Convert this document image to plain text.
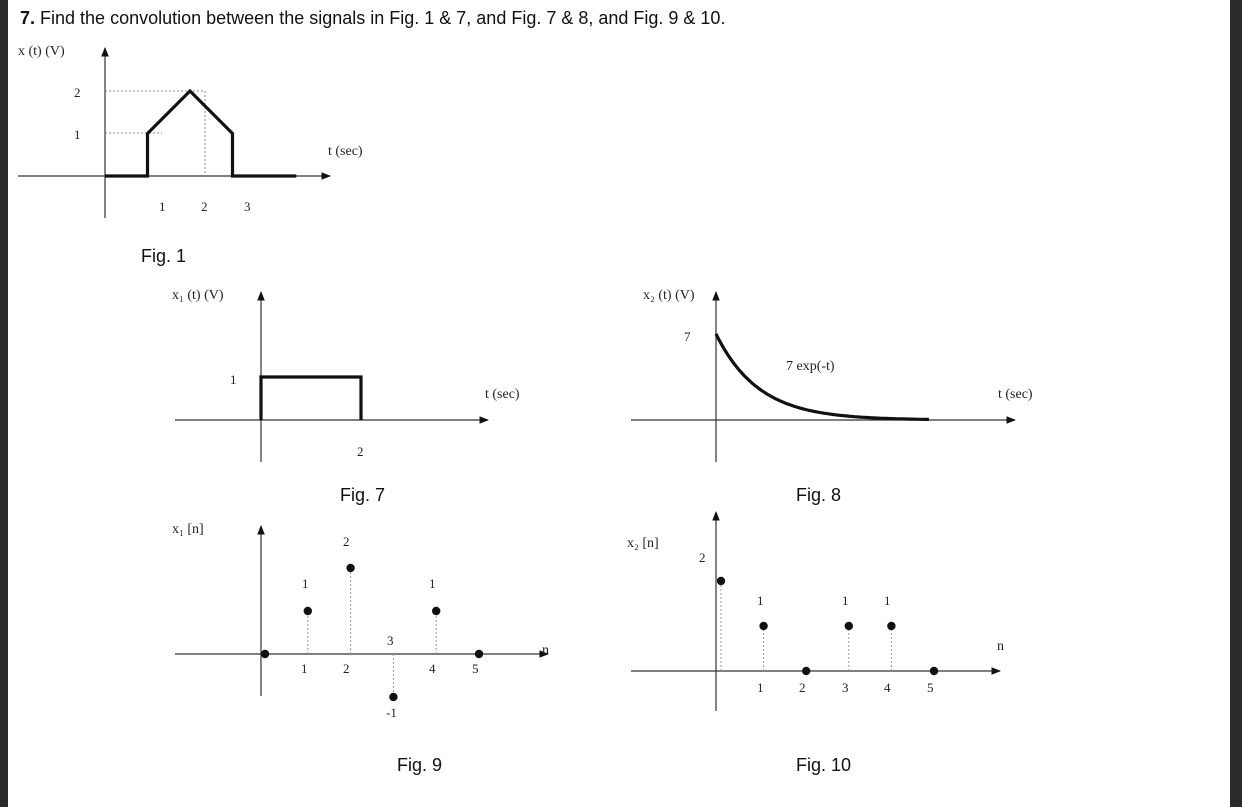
7. Find the convolution between the signals in Fig. 1 & 7, and Fig. 7 & 8, and Fig. 9 & 10.
Fig. 1
Fig. 7	Fig. 8
Fig. 9	Fig. 10
x (t) (V)
t (sec)
2
1
1	2	3
x₁ (t) (V)
t (sec)
1
2
x₂ (t) (V)
t (sec)
7
7 exp(-t)
x₁ [n]
n
1	2	4	5
1
2
3
-1
1
x₂ [n]
n
1	2	3	4	5
2
1	1	1
